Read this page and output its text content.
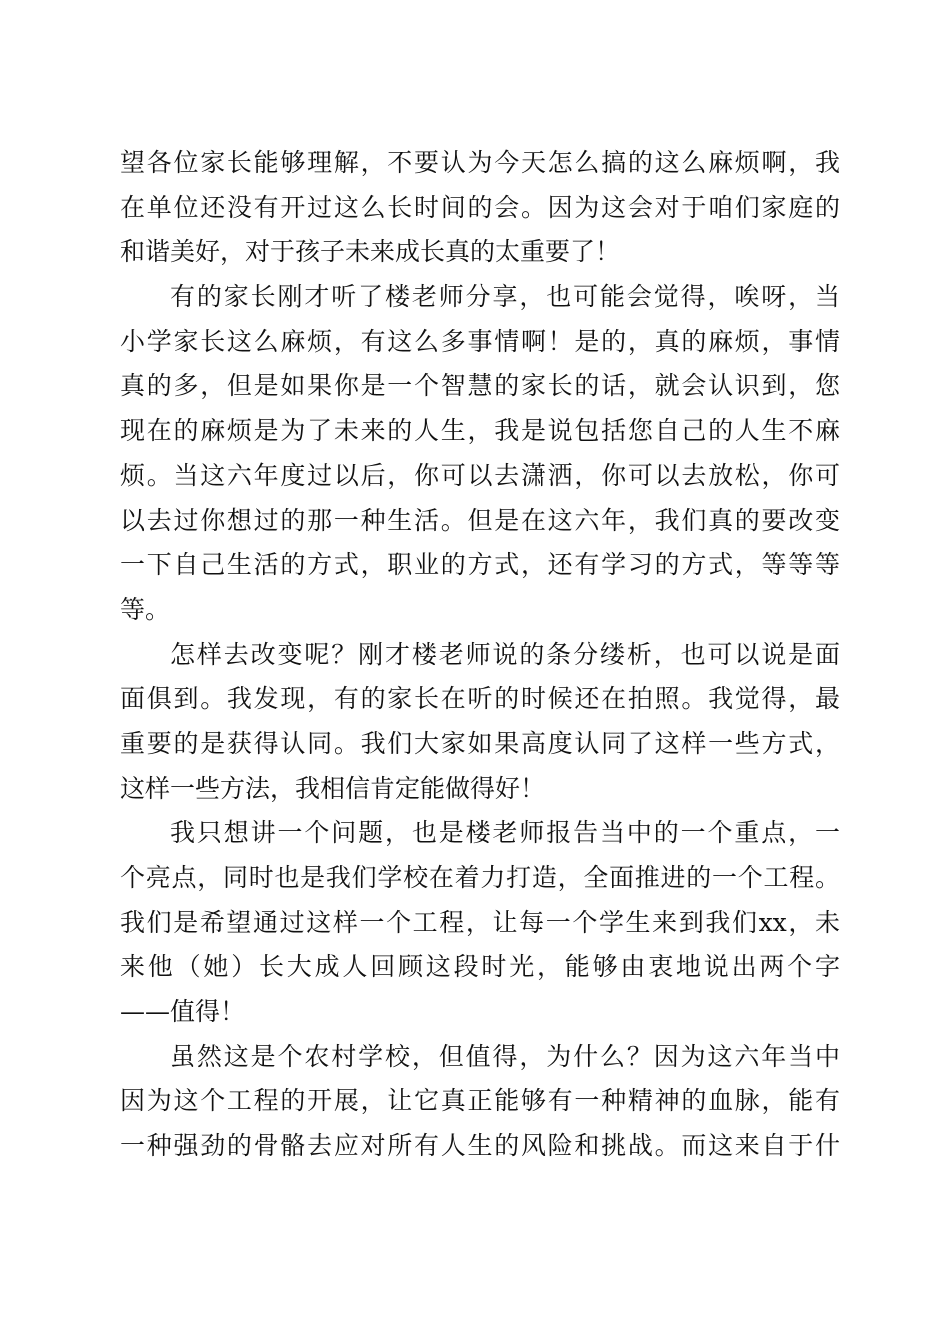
望各位家长能够理解，不要认为今天怎么搞的这么麻烦啊，我
在单位还没有开过这么长时间的会。因为这会对于咱们家庭的
和谐美好，对于孩子未来成长真的太重要了！
有的家长刚才听了楼老师分享，也可能会觉得，唉呀，当
小学家长这么麻烦，有这么多事情啊！是的，真的麻烦，事情
真的多，但是如果你是一个智慧的家长的话，就会认识到，您
现在的麻烦是为了未来的人生，我是说包括您自己的人生不麻
烦。当这六年度过以后，你可以去潇洒，你可以去放松，你可
以去过你想过的那一种生活。但是在这六年，我们真的要改变
一下自己生活的方式，职业的方式，还有学习的方式，等等等
等。
怎样去改变呢？刚才楼老师说的条分缕析，也可以说是面
面俱到。我发现，有的家长在听的时候还在拍照。我觉得，最
重要的是获得认同。我们大家如果高度认同了这样一些方式，
这样一些方法，我相信肯定能做得好！
我只想讲一个问题，也是楼老师报告当中的一个重点，一
个亮点，同时也是我们学校在着力打造，全面推进的一个工程。
我们是希望通过这样一个工程，让每一个学生来到我们xx，未
来他（她）长大成人回顾这段时光，能够由衷地说出两个字
——值得！
虽然这是个农村学校，但值得，为什么？因为这六年当中
因为这个工程的开展，让它真正能够有一种精神的血脉，能有
一种强劲的骨骼去应对所有人生的风险和挑战。而这来自于什
